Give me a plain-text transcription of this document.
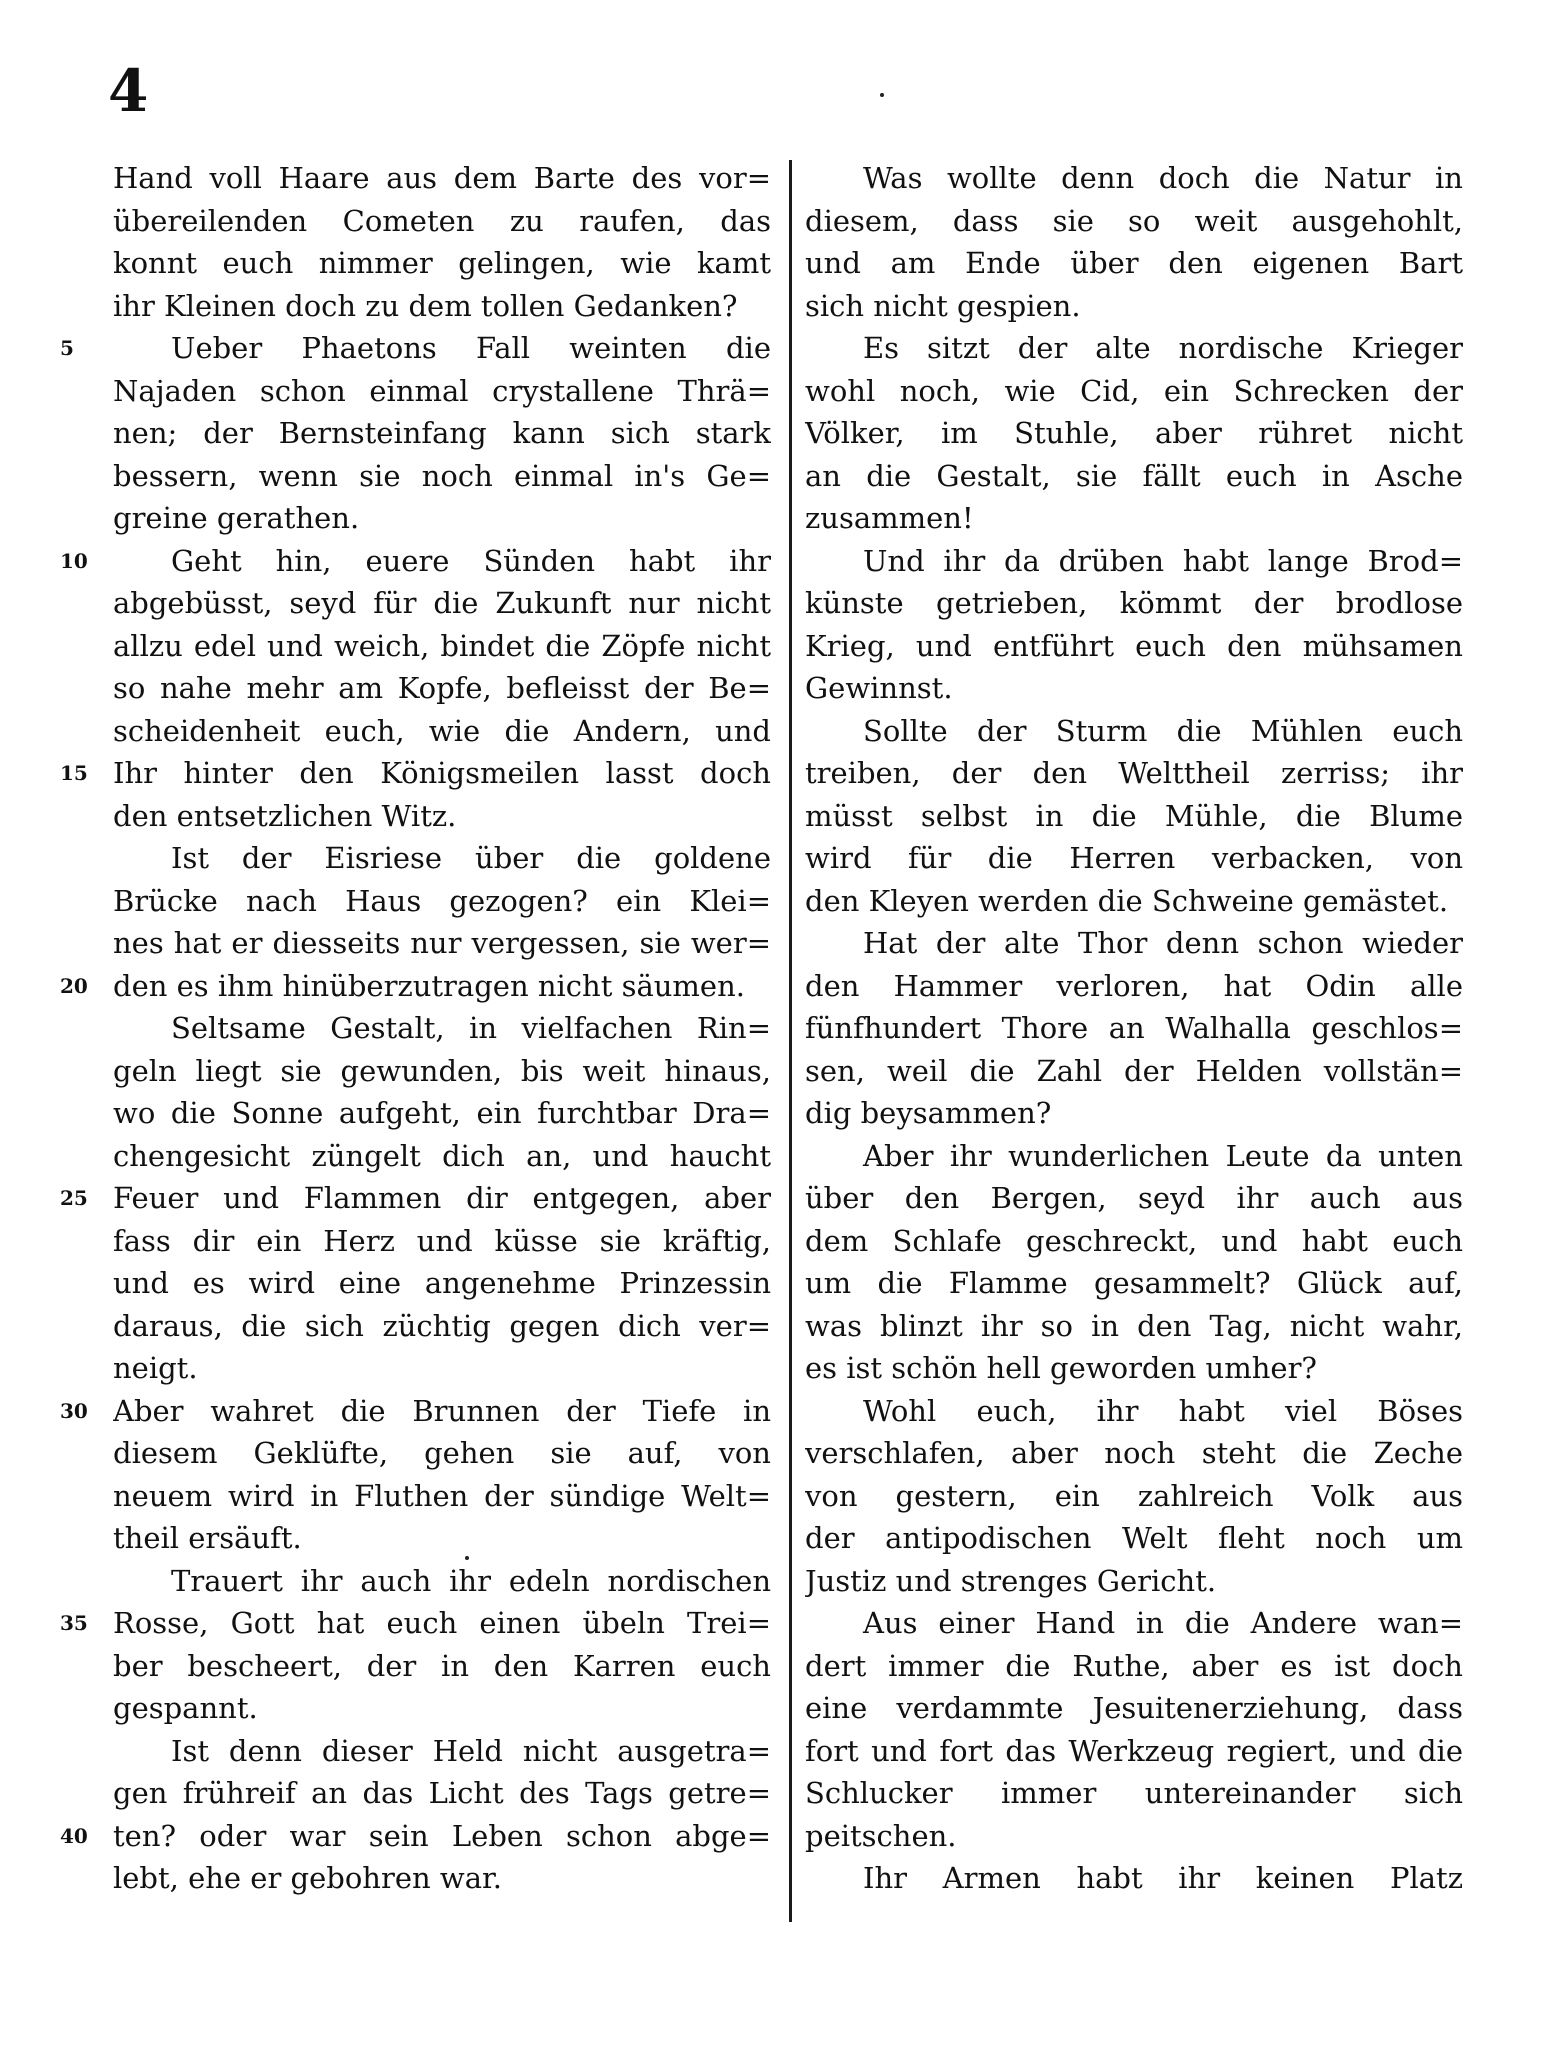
4
5
10
15
20
25
30
35
40
Hand voll Haare aus dem Barte des vor=
übereilenden Cometen zu raufen, das
konnt euch nimmer gelingen, wie kamt
ihr Kleinen doch zu dem tollen Gedanken?
Ueber Phaetons Fall weinten die
Najaden schon einmal crystallene Thrä=
nen; der Bernsteinfang kann sich stark
bessern, wenn sie noch einmal in's Ge=
greine gerathen.
Geht hin, euere Sünden habt ihr
abgebüsst, seyd für die Zukunft nur nicht
allzu edel und weich, bindet die Zöpfe nicht
so nahe mehr am Kopfe, befleisst der Be=
scheidenheit euch, wie die Andern, und
Ihr hinter den Königsmeilen lasst doch
den entsetzlichen Witz.
Ist der Eisriese über die goldene
Brücke nach Haus gezogen? ein Klei=
nes hat er diesseits nur vergessen, sie wer=
den es ihm hinüberzutragen nicht säumen.
Seltsame Gestalt, in vielfachen Rin=
geln liegt sie gewunden, bis weit hinaus,
wo die Sonne aufgeht, ein furchtbar Dra=
chengesicht züngelt dich an, und haucht
Feuer und Flammen dir entgegen, aber
fass dir ein Herz und küsse sie kräftig,
und es wird eine angenehme Prinzessin
daraus, die sich züchtig gegen dich ver=
neigt.
Aber wahret die Brunnen der Tiefe in
diesem Geklüfte, gehen sie auf, von
neuem wird in Fluthen der sündige Welt=
theil ersäuft.
Trauert ihr auch ihr edeln nordischen
Rosse, Gott hat euch einen übeln Trei=
ber bescheert, der in den Karren euch
gespannt.
Ist denn dieser Held nicht ausgetra=
gen frühreif an das Licht des Tags getre=
ten? oder war sein Leben schon abge=
lebt, ehe er gebohren war.
Was wollte denn doch die Natur in
diesem, dass sie so weit ausgehohlt,
und am Ende über den eigenen Bart
sich nicht gespien.
Es sitzt der alte nordische Krieger
wohl noch, wie Cid, ein Schrecken der
Völker, im Stuhle, aber rühret nicht
an die Gestalt, sie fällt euch in Asche
zusammen!
Und ihr da drüben habt lange Brod=
künste getrieben, kömmt der brodlose
Krieg, und entführt euch den mühsamen
Gewinnst.
Sollte der Sturm die Mühlen euch
treiben, der den Welttheil zerriss; ihr
müsst selbst in die Mühle, die Blume
wird für die Herren verbacken, von
den Kleyen werden die Schweine gemästet.
Hat der alte Thor denn schon wieder
den Hammer verloren, hat Odin alle
fünfhundert Thore an Walhalla geschlos=
sen, weil die Zahl der Helden vollstän=
dig beysammen?
Aber ihr wunderlichen Leute da unten
über den Bergen, seyd ihr auch aus
dem Schlafe geschreckt, und habt euch
um die Flamme gesammelt? Glück auf,
was blinzt ihr so in den Tag, nicht wahr,
es ist schön hell geworden umher?
Wohl euch, ihr habt viel Böses
verschlafen, aber noch steht die Zeche
von gestern, ein zahlreich Volk aus
der antipodischen Welt fleht noch um
Justiz und strenges Gericht.
Aus einer Hand in die Andere wan=
dert immer die Ruthe, aber es ist doch
eine verdammte Jesuitenerziehung, dass
fort und fort das Werkzeug regiert, und die
Schlucker immer untereinander sich
peitschen.
Ihr Armen habt ihr keinen Platz
